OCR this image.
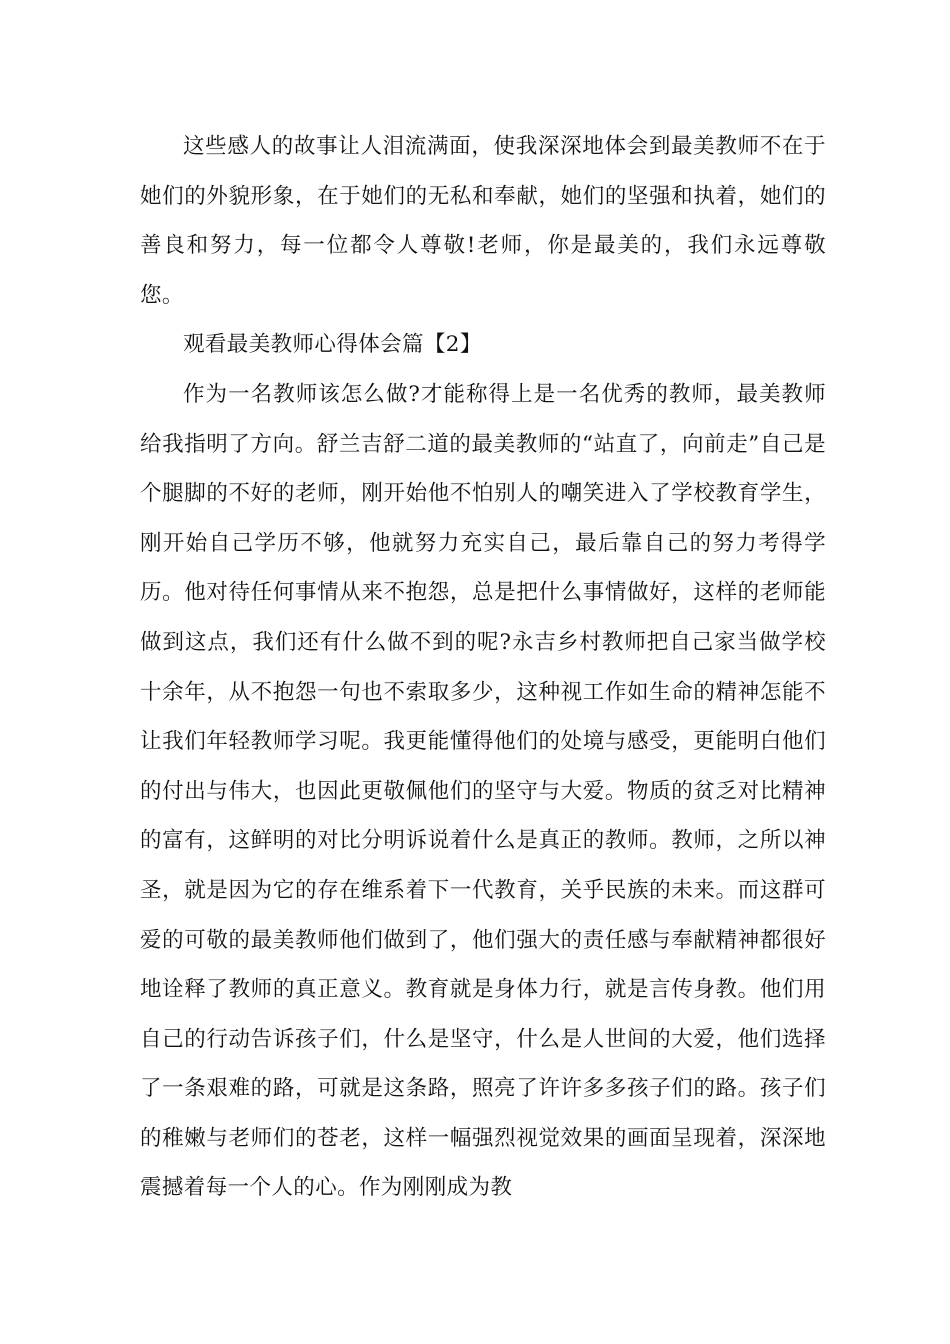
这些感人的故事让人泪流满面，使我深深地体会到最美教师不在于她们的外貌形象，在于她们的无私和奉献，她们的坚强和执着，她们的善良和努力，每一位都令人尊敬!老师，你是最美的，我们永远尊敬您。

观看最美教师心得体会篇【2】

作为一名教师该怎么做?才能称得上是一名优秀的教师，最美教师给我指明了方向。舒兰吉舒二道的最美教师的“站直了，向前走”自己是个腿脚的不好的老师，刚开始他不怕别人的嘲笑进入了学校教育学生，刚开始自己学历不够，他就努力充实自己，最后靠自己的努力考得学历。他对待任何事情从来不抱怨，总是把什么事情做好，这样的老师能做到这点，我们还有什么做不到的呢?永吉乡村教师把自己家当做学校十余年，从不抱怨一句也不索取多少，这种视工作如生命的精神怎能不让我们年轻教师学习呢。我更能懂得他们的处境与感受，更能明白他们的付出与伟大，也因此更敬佩他们的坚守与大爱。物质的贫乏对比精神的富有，这鲜明的对比分明诉说着什么是真正的教师。教师，之所以神圣，就是因为它的存在维系着下一代教育，关乎民族的未来。而这群可爱的可敬的最美教师他们做到了，他们强大的责任感与奉献精神都很好地诠释了教师的真正意义。教育就是身体力行，就是言传身教。他们用自己的行动告诉孩子们，什么是坚守，什么是人世间的大爱，他们选择了一条艰难的路，可就是这条路，照亮了许许多多孩子们的路。孩子们的稚嫩与老师们的苍老，这样一幅强烈视觉效果的画面呈现着，深深地震撼着每一个人的心。作为刚刚成为教
